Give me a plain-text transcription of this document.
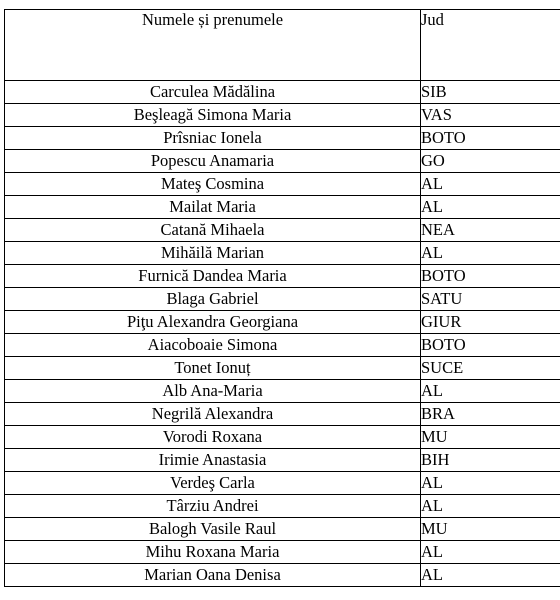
Numele și prenumele	Jud
Carculea Mădălina	SIB
Beşleagă Simona Maria	VAS
Prîsniac Ionela	BOTO
Popescu Anamaria	GO
Mateş Cosmina	AL
Mailat Maria	AL
Catană Mihaela	NEA
Mihăilă Marian	AL
Furnică Dandea Maria	BOTO
Blaga Gabriel	SATU
Piţu Alexandra Georgiana	GIUR
Aiacoboaie Simona	BOTO
Tonet Ionuț	SUCE
Alb Ana-Maria	AL
Negrilă Alexandra	BRA
Vorodi Roxana	MU
Irimie Anastasia	BIH
Verdeş Carla	AL
Târziu Andrei	AL
Balogh Vasile Raul	MU
Mihu Roxana Maria	AL
Marian Oana Denisa	AL
